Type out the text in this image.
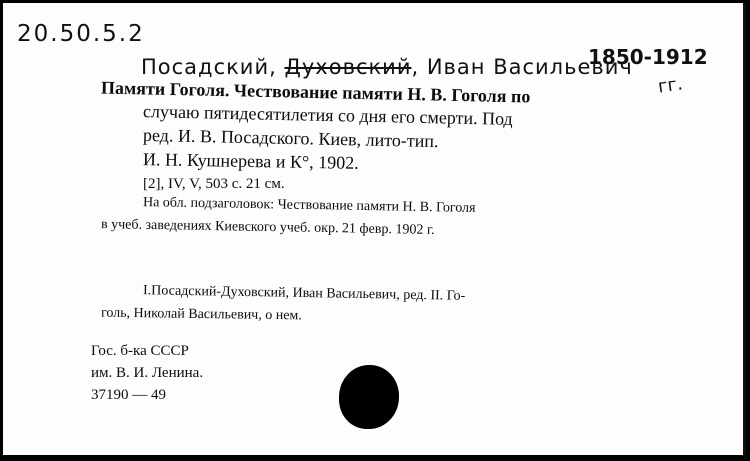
20.50.5.2
Посадский, Духовский, Иван Васильевич
1850-1912
гг.
Памяти Гоголя. Чествование памяти Н. В. Гоголя по
случаю пятидесятилетия со дня его смерти. Под
ред. И. В. Посадского. Киев, лито-тип.
И. Н. Кушнерева и К°, 1902.
[2], IV, V, 503 с. 21 см.
На обл. подзаголовок: Чествование памяти Н. В. Гоголя
в учеб. заведениях Киевского учеб. окр. 21 февр. 1902 г.
I.Посадский-Духовский, Иван Васильевич, ред. II. Го-
голь, Николай Васильевич, о нем.
Гос. б-ка СССР
им. В. И. Ленина.
37190 — 49
